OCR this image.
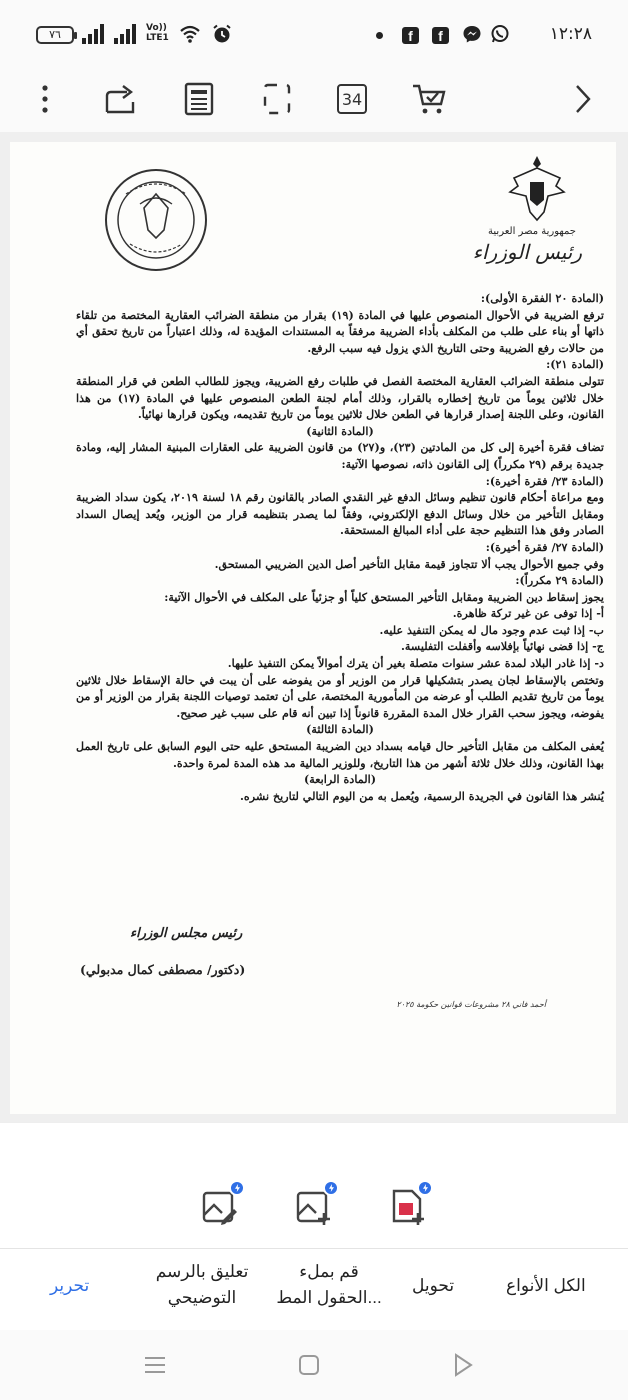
٧٦	Vo))
LTE1	f	f	١٢:٢٨
34
جمهورية مصر العربية
رئيس الوزراء

(المادة ٢٠ الفقرة الأولى):

ترفع الضريبة في الأحوال المنصوص عليها في المادة (١٩) بقرار من منطقة الضرائب العقارية المختصة من تلقاء ذاتها أو بناء على طلب من المكلف بأداء الضريبة مرفقاً به المستندات المؤيدة له، وذلك اعتباراً من تاريخ تحقق أي من حالات رفع الضريبة وحتى التاريخ الذي يزول فيه سبب الرفع.

(المادة ٢١):

تتولى منطقة الضرائب العقارية المختصة الفصل في طلبات رفع الضريبة، ويجوز للطالب الطعن في قرار المنطقة خلال ثلاثين يوماً من تاريخ إخطاره بالقرار، وذلك أمام لجنة الطعن المنصوص عليها في المادة (١٧) من هذا القانون، وعلى اللجنة إصدار قرارها في الطعن خلال ثلاثين يوماً من تاريخ تقديمه، ويكون قرارها نهائياً.

(المادة الثانية)

تضاف فقرة أخيرة إلى كل من المادتين (٢٣)، و(٢٧) من قانون الضريبة على العقارات المبنية المشار إليه، ومادة جديدة برقم (٢٩ مكرراً) إلى القانون ذاته، نصوصها الآتية:

(المادة ٢٣/ فقرة أخيرة):

ومع مراعاة أحكام قانون تنظيم وسائل الدفع غير النقدي الصادر بالقانون رقم ١٨ لسنة ٢٠١٩، يكون سداد الضريبة ومقابل التأخير من خلال وسائل الدفع الإلكتروني، وفقاً لما يصدر بتنظيمه قرار من الوزير، ويُعد إيصال السداد الصادر وفق هذا التنظيم حجة على أداء المبالغ المستحقة.

(المادة ٢٧/ فقرة أخيرة):

وفي جميع الأحوال يجب ألا تتجاوز قيمة مقابل التأخير أصل الدين الضريبي المستحق.

(المادة ٢٩ مكرراً):

يجوز إسقاط دين الضريبة ومقابل التأخير المستحق كلياً أو جزئياً على المكلف في الأحوال الآتية:

أ- إذا توفى عن غير تركة ظاهرة.

ب- إذا ثبت عدم وجود مال له يمكن التنفيذ عليه.

ج- إذا قضى نهائياً بإفلاسه وأقفلت التفليسة.

د- إذا غادر البلاد لمدة عشر سنوات متصلة بغير أن يترك أموالاً يمكن التنفيذ عليها.

وتختص بالإسقاط لجان يصدر بتشكيلها قرار من الوزير أو من يفوضه على أن يبت في حالة الإسقاط خلال ثلاثين يوماً من تاريخ تقديم الطلب أو عرضه من المأمورية المختصة، على أن تعتمد توصيات اللجنة بقرار من الوزير أو من يفوضه، ويجوز سحب القرار خلال المدة المقررة قانوناً إذا تبين أنه قام على سبب غير صحيح.

(المادة الثالثة)

يُعفى المكلف من مقابل التأخير حال قيامه بسداد دين الضريبة المستحق عليه حتى اليوم السابق على تاريخ العمل بهذا القانون، وذلك خلال ثلاثة أشهر من هذا التاريخ، وللوزير المالية مد هذه المدة لمرة واحدة.

(المادة الرابعة)

يُنشر هذا القانون في الجريدة الرسمية، ويُعمل به من اليوم التالي لتاريخ نشره.

رئيس مجلس الوزراء
(دكتور/ مصطفى كمال مدبولي)
أحمد فاني ٢٨ مشروعات قوانين حكومة ٢٠٢٥
الكل الأنواع
تحويل
قم بملء
الحقول المط...
تعليق بالرسم
التوضيحي
تحرير
